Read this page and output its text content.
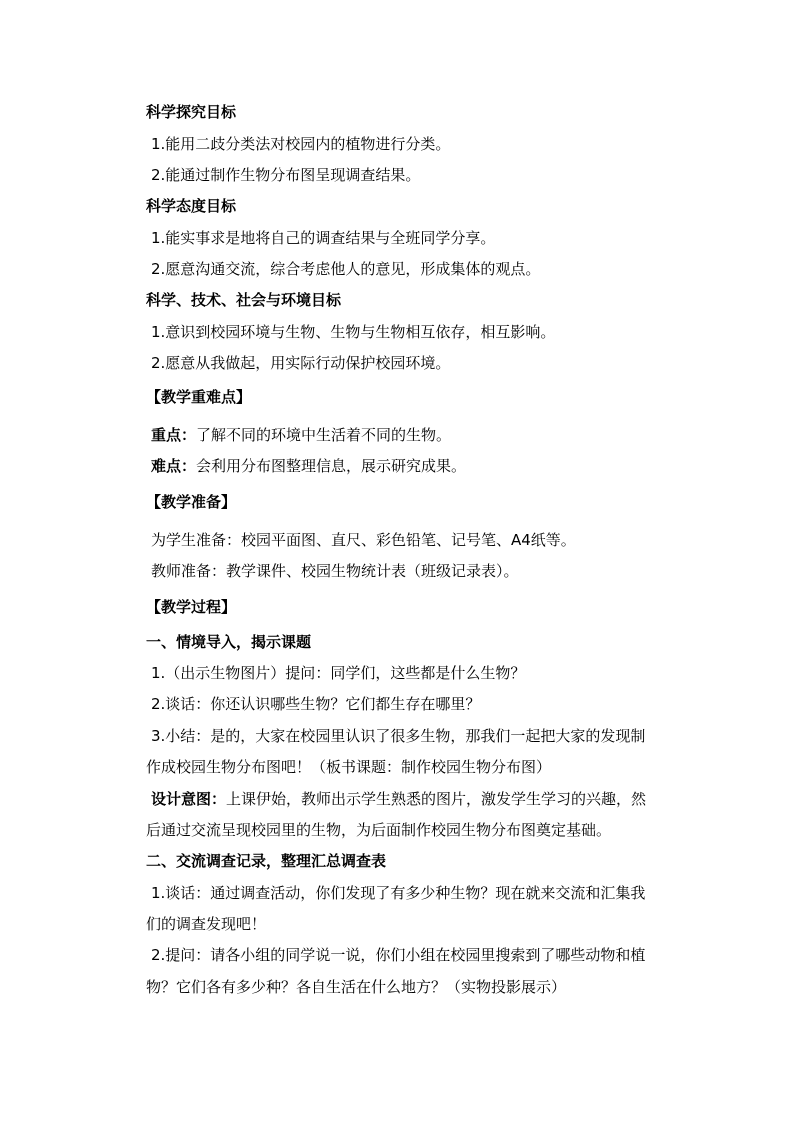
科学探究目标
1.能用二歧分类法对校园内的植物进行分类。
2.能通过制作生物分布图呈现调查结果。
科学态度目标
1.能实事求是地将自己的调查结果与全班同学分享。
2.愿意沟通交流，综合考虑他人的意见，形成集体的观点。
科学、技术、社会与环境目标
1.意识到校园环境与生物、生物与生物相互依存，相互影响。
2.愿意从我做起，用实际行动保护校园环境。
【教学重难点】
重点：了解不同的环境中生活着不同的生物。
难点：会利用分布图整理信息，展示研究成果。
【教学准备】
为学生准备：校园平面图、直尺、彩色铅笔、记号笔、A4纸等。
教师准备：教学课件、校园生物统计表（班级记录表）。
【教学过程】
一、情境导入，揭示课题
1.（出示生物图片）提问：同学们，这些都是什么生物？
2.谈话：你还认识哪些生物？它们都生存在哪里？
3.小结：是的，大家在校园里认识了很多生物，那我们一起把大家的发现制
作成校园生物分布图吧！（板书课题：制作校园生物分布图）
设计意图：上课伊始，教师出示学生熟悉的图片，激发学生学习的兴趣，然
后通过交流呈现校园里的生物，为后面制作校园生物分布图奠定基础。
二、交流调查记录，整理汇总调查表
1.谈话：通过调查活动，你们发现了有多少种生物？现在就来交流和汇集我
们的调查发现吧！
2.提问：请各小组的同学说一说，你们小组在校园里搜索到了哪些动物和植
物？它们各有多少种？各自生活在什么地方？（实物投影展示）
